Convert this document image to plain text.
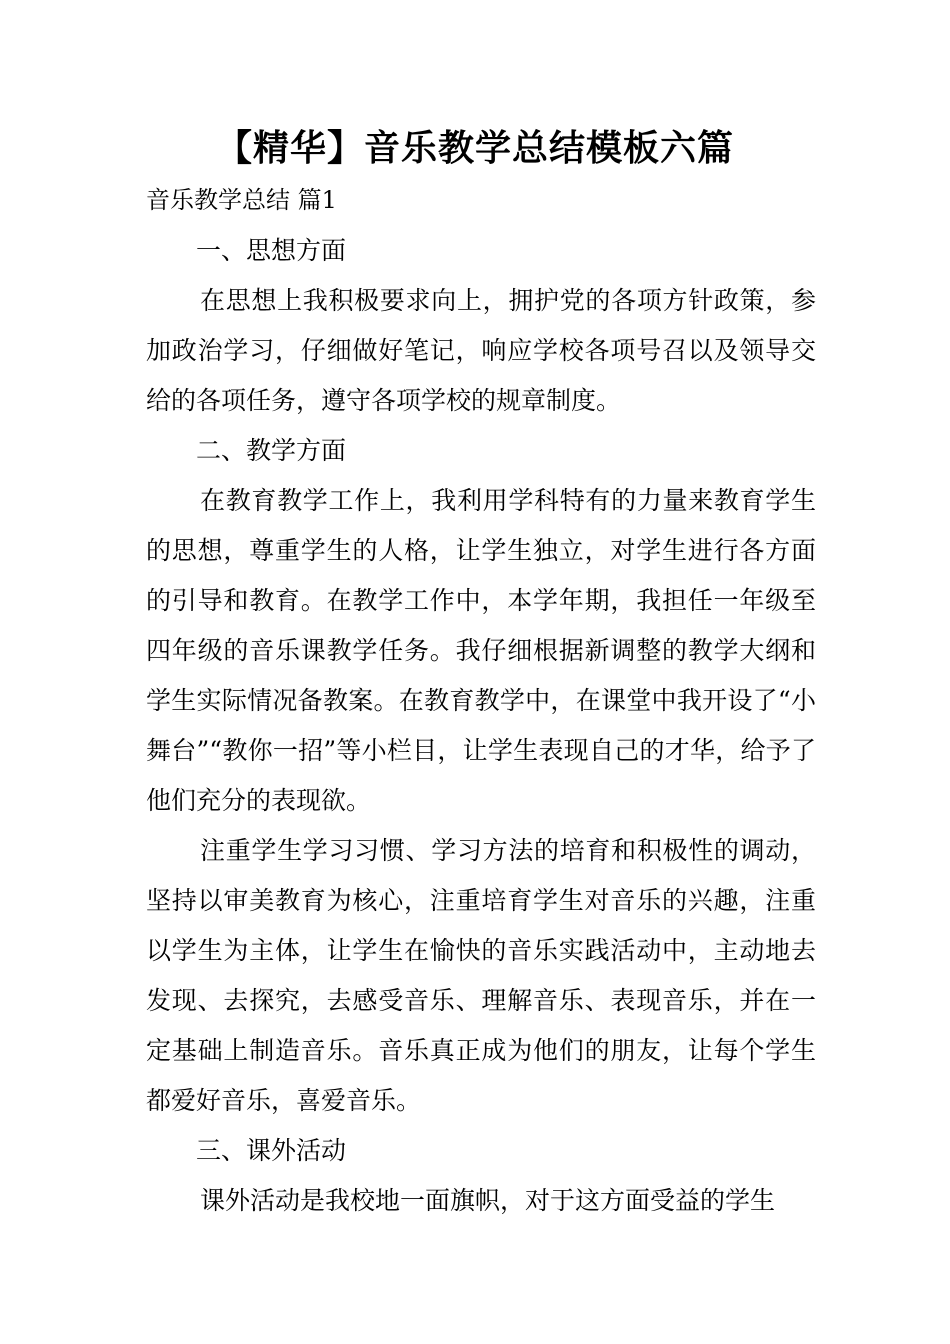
【精华】音乐教学总结模板六篇
音乐教学总结 篇1

一、思想方面

在思想上我积极要求向上，拥护党的各项方针政策，参加政治学习，仔细做好笔记，响应学校各项号召以及领导交给的各项任务，遵守各项学校的规章制度。

二、教学方面

在教育教学工作上，我利用学科特有的力量来教育学生的思想，尊重学生的人格，让学生独立，对学生进行各方面的引导和教育。在教学工作中，本学年期，我担任一年级至四年级的音乐课教学任务。我仔细根据新调整的教学大纲和学生实际情况备教案。在教育教学中，在课堂中我开设了“小舞台”“教你一招”等小栏目，让学生表现自己的才华，给予了他们充分的表现欲。

注重学生学习习惯、学习方法的培育和积极性的调动，坚持以审美教育为核心，注重培育学生对音乐的兴趣，注重以学生为主体，让学生在愉快的音乐实践活动中，主动地去发现、去探究，去感受音乐、理解音乐、表现音乐，并在一定基础上制造音乐。音乐真正成为他们的朋友，让每个学生都爱好音乐，喜爱音乐。

三、课外活动

课外活动是我校地一面旗帜，对于这方面受益的学生
